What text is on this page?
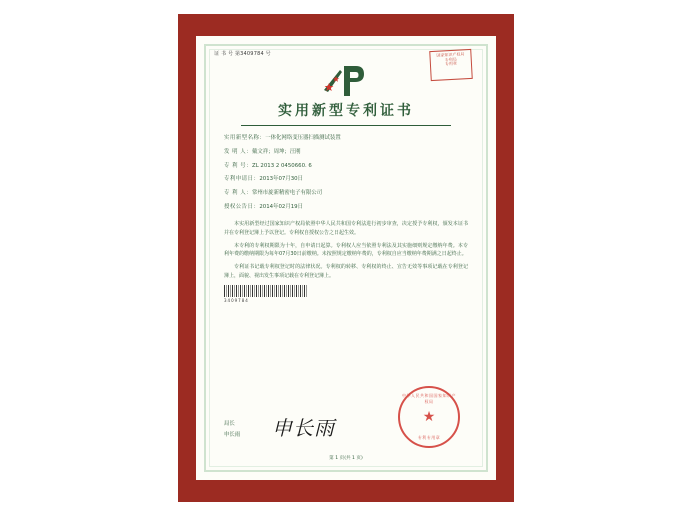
证 书 号 第3409784 号	国家知识产权局
专利局
专用章
实用新型专利证书
实用新型名称：一体化网络变压器扫描测试装置
发 明 人：戴文祥；周坤；汪刚
专 利 号：ZL 2013 2 0450660. 6
专利申请日：2013年07月30日
专 利 人：常州市旋新精密电子有限公司
授权公告日：2014年02月19日
本实用新型经过国家知识产权局依照中华人民共和国专利法进行初步审查，决定授予专利权，颁发本证书并在专利登记簿上予以登记。专利权自授权公告之日起生效。
本专利的专利权期限为十年，自申请日起算。专利权人应当依照专利法及其实施细则规定缴纳年费。本专利年费的缴纳期限为每年07月30日前缴纳。未按照规定缴纳年费的，专利权自应当缴纳年费期满之日起终止。
专利证书记载专利权登记时的法律状况。专利权的转移、专利权的终止、宣告无效等事项记载在专利登记簿上，面貌、视出发生事项记载在专利登记簿上。
3409784
局长
申长雨 申长雨
中华人民共和国国家知识产权局
★
专利专用章
第 1 页(共 1 页)
